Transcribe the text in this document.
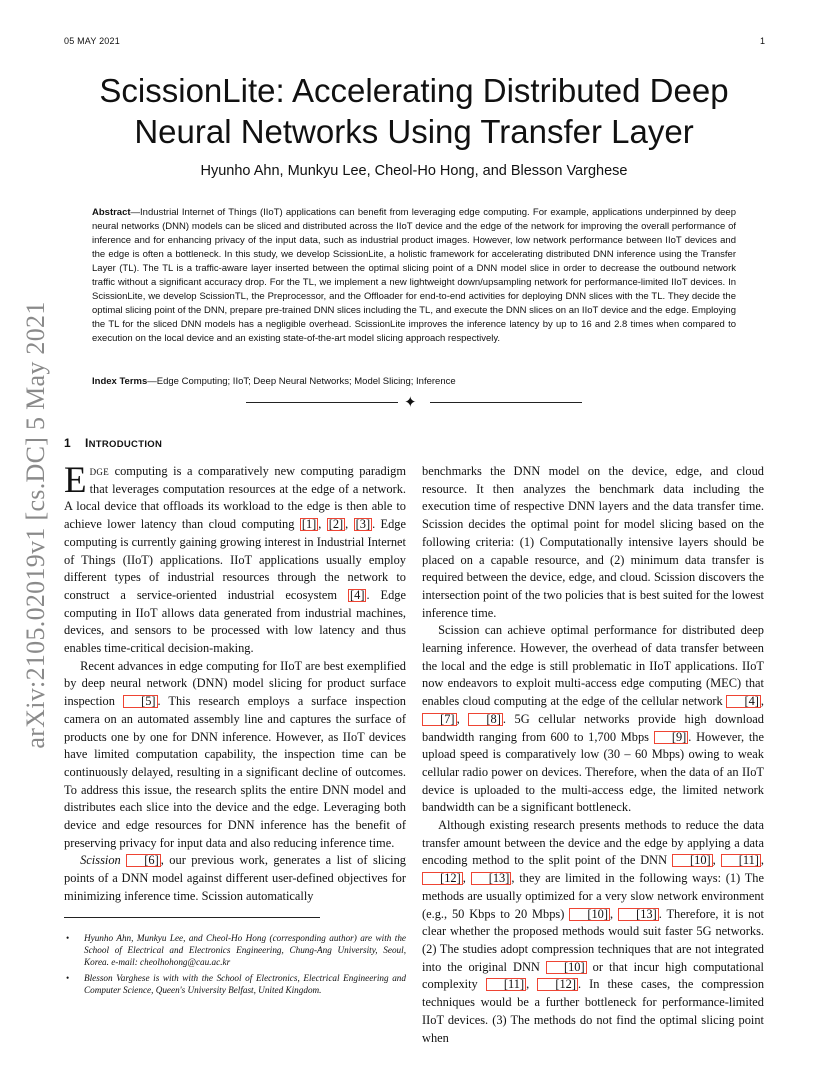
05 MAY 2021	1
arXiv:2105.02019v1 [cs.DC] 5 May 2021
ScissionLite: Accelerating Distributed Deep
Neural Networks Using Transfer Layer
Hyunho Ahn, Munkyu Lee, Cheol-Ho Hong, and Blesson Varghese
Abstract—Industrial Internet of Things (IIoT) applications can benefit from leveraging edge computing. For example, applications underpinned by deep neural networks (DNN) models can be sliced and distributed across the IIoT device and the edge of the network for improving the overall performance of inference and for enhancing privacy of the input data, such as industrial product images. However, low network performance between IIoT devices and the edge is often a bottleneck. In this study, we develop ScissionLite, a holistic framework for accelerating distributed DNN inference using the Transfer Layer (TL). The TL is a traffic-aware layer inserted between the optimal slicing point of a DNN model slice in order to decrease the outbound network traffic without a significant accuracy drop. For the TL, we implement a new lightweight down/upsampling network for performance-limited IIoT devices. In ScissionLite, we develop ScissionTL, the Preprocessor, and the Offloader for end-to-end activities for deploying DNN slices with the TL. They decide the optimal slicing point of the DNN, prepare pre-trained DNN slices including the TL, and execute the DNN slices on an IIoT device and the edge. Employing the TL for the sliced DNN models has a negligible overhead. ScissionLite improves the inference latency by up to 16 and 2.8 times when compared to execution on the local device and an existing state-of-the-art model slicing approach respectively.
Index Terms—Edge Computing; IIoT; Deep Neural Networks; Model Slicing; Inference
✦
1 INTRODUCTION

Edge computing is a comparatively new computing paradigm that leverages computation resources at the edge of a network. A local device that offloads its workload to the edge is then able to achieve lower latency than cloud computing [1] , [2] , [3] . Edge computing is currently gaining growing interest in Industrial Internet of Things (IIoT) applications. IIoT applications usually employ different types of industrial resources through the network to construct a service-oriented industrial ecosystem [4] . Edge computing in IIoT allows data generated from industrial machines, devices, and sensors to be processed with low latency and thus enables time-critical decision-making.

Recent advances in edge computing for IIoT are best exemplified by deep neural network (DNN) model slicing for product surface inspection [5] . This research employs a surface inspection camera on an automated assembly line and captures the surface of products one by one for DNN inference. However, as IIoT devices have limited computation capability, the inspection time can be continuously delayed, resulting in a significant decline of outcomes. To address this issue, the research splits the entire DNN model and distributes each slice into the device and the edge. Leveraging both device and edge resources for DNN inference has the benefit of preserving privacy for input data and also reducing inference time.

Scission [6] , our previous work, generates a list of slicing points of a DNN model against different user-defined objectives for minimizing inference time. Scission automatically

• Hyunho Ahn, Munkyu Lee, and Cheol-Ho Hong (corresponding author) are with the School of Electrical and Electronics Engineering, Chung-Ang University, Seoul, Korea. e-mail: cheolhohong@cau.ac.kr
• Blesson Varghese is with with the School of Electronics, Electrical Engineering and Computer Science, Queen's University Belfast, United Kingdom.

benchmarks the DNN model on the device, edge, and cloud resource. It then analyzes the benchmark data including the execution time of respective DNN layers and the data transfer time. Scission decides the optimal point for model slicing based on the following criteria: (1) Computationally intensive layers should be placed on a capable resource, and (2) minimum data transfer is required between the device, edge, and cloud. Scission discovers the intersection point of the two policies that is best suited for the lowest inference time.

Scission can achieve optimal performance for distributed deep learning inference. However, the overhead of data transfer between the local and the edge is still problematic in IIoT applications. IIoT now endeavors to exploit multi-access edge computing (MEC) that enables cloud computing at the edge of the cellular network [4] , [7] , [8] . 5G cellular networks provide high download bandwidth ranging from 600 to 1,700 Mbps [9] . However, the upload speed is comparatively low (30 – 60 Mbps) owing to weak cellular radio power on devices. Therefore, when the data of an IIoT device is uploaded to the multi-access edge, the limited network bandwidth can be a significant bottleneck.

Although existing research presents methods to reduce the data transfer amount between the device and the edge by applying a data encoding method to the split point of the DNN [10] , [11] , [12] , [13] , they are limited in the following ways: (1) The methods are usually optimized for a very slow network environment (e.g., 50 Kbps to 20 Mbps) [10] , [13] . Therefore, it is not clear whether the proposed methods would suit faster 5G networks. (2) The studies adopt compression techniques that are not integrated into the original DNN [10] or that incur high computational complexity [11] , [12] . In these cases, the compression techniques would be a further bottleneck for performance-limited IIoT devices. (3) The methods do not find the optimal slicing point when
